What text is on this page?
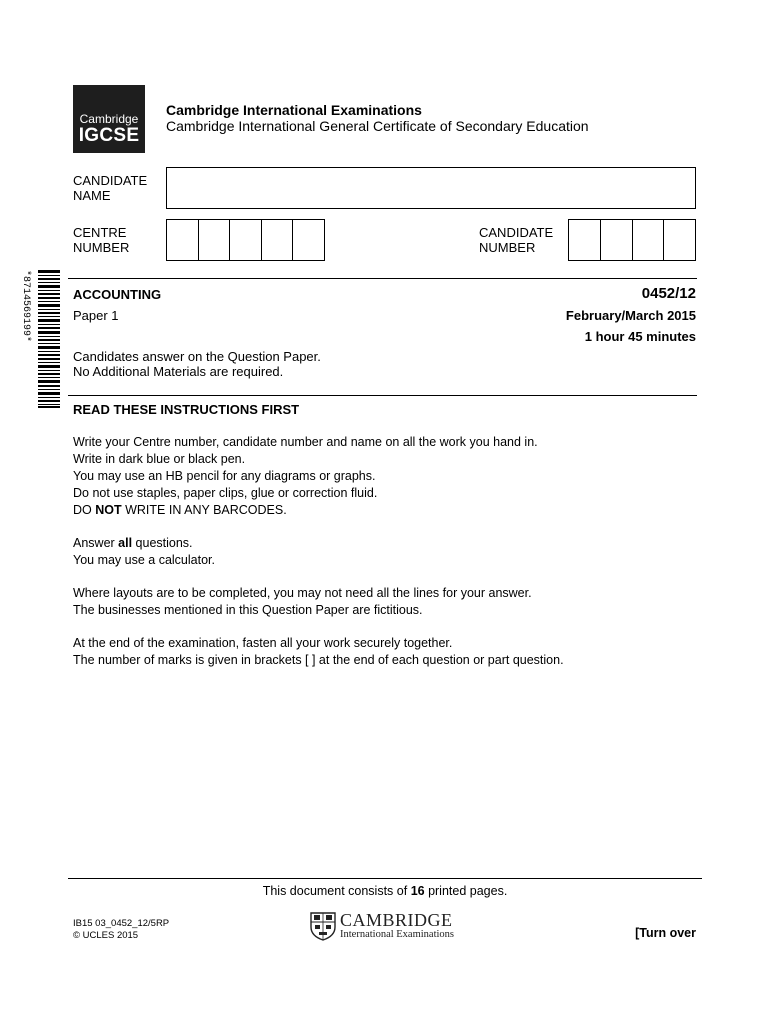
Cambridge
IGCSE
Cambridge International Examinations
Cambridge International General Certificate of Secondary Education
CANDIDATE
NAME
CENTRE
NUMBER
CANDIDATE
NUMBER
*8714569199*	ACCOUNTING	0452/12
Paper 1	February/March 2015
1 hour 45 minutes
Candidates answer on the Question Paper.
No Additional Materials are required.
READ THESE INSTRUCTIONS FIRST

Write your Centre number, candidate number and name on all the work you hand in.

Write in dark blue or black pen.

You may use an HB pencil for any diagrams or graphs.

Do not use staples, paper clips, glue or correction fluid.

DO NOT WRITE IN ANY BARCODES.

Answer all questions.

You may use a calculator.

Where layouts are to be completed, you may not need all the lines for your answer.

The businesses mentioned in this Question Paper are fictitious.

At the end of the examination, fasten all your work securely together.

The number of marks is given in brackets [ ] at the end of each question or part question.

This document consists of 16 printed pages.
IB15 03_0452_12/5RP
© UCLES 2015
CAMBRIDGE
International Examinations	[Turn over
